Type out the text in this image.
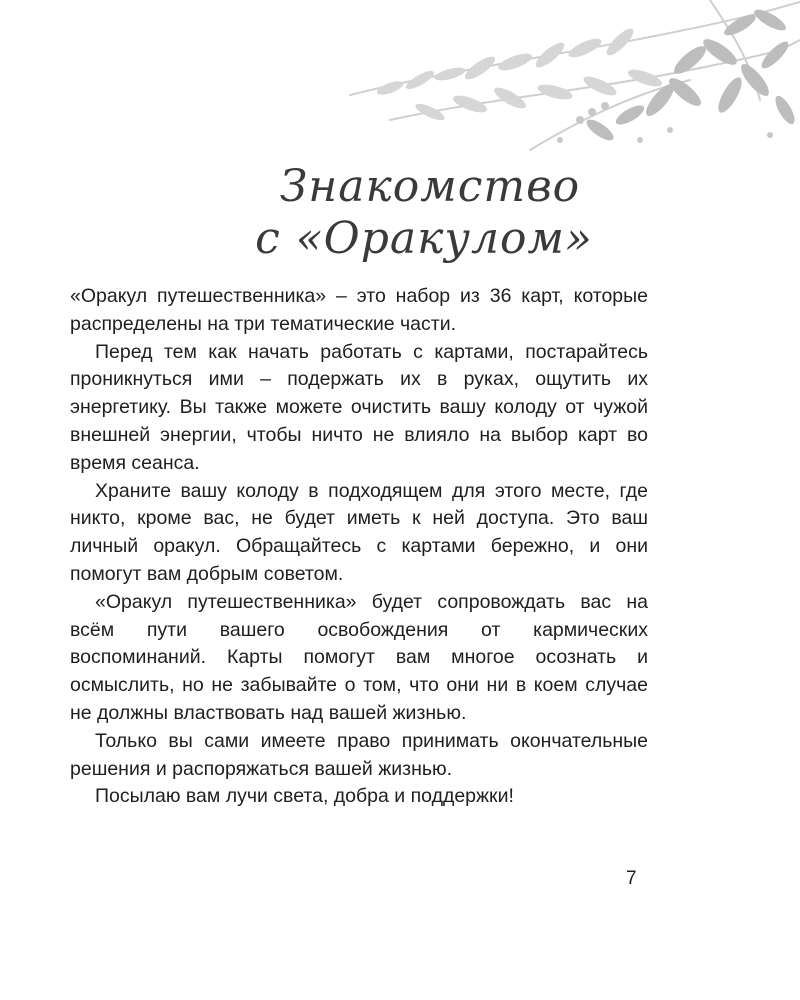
Знакомство
с «Оракулом»

«Оракул путешественника» – это набор из 36 карт, которые распределены на три тематические части.

Перед тем как начать работать с картами, постарайтесь проникнуться ими – подержать их в руках, ощутить их энергетику. Вы также можете очистить вашу колоду от чужой внешней энергии, чтобы ничто не влияло на выбор карт во время сеанса.

Храните вашу колоду в подходящем для этого месте, где никто, кроме вас, не будет иметь к ней доступа. Это ваш личный оракул. Обращайтесь с картами бережно, и они помогут вам добрым советом.

«Оракул путешественника» будет сопровождать вас на всём пути вашего освобождения от кармических воспоминаний. Карты помогут вам многое осознать и осмыслить, но не забывайте о том, что они ни в коем случае не должны властвовать над вашей жизнью.

Только вы сами имеете право принимать окончательные решения и распоряжаться вашей жизнью.

Посылаю вам лучи света, добра и поддержки!

7
